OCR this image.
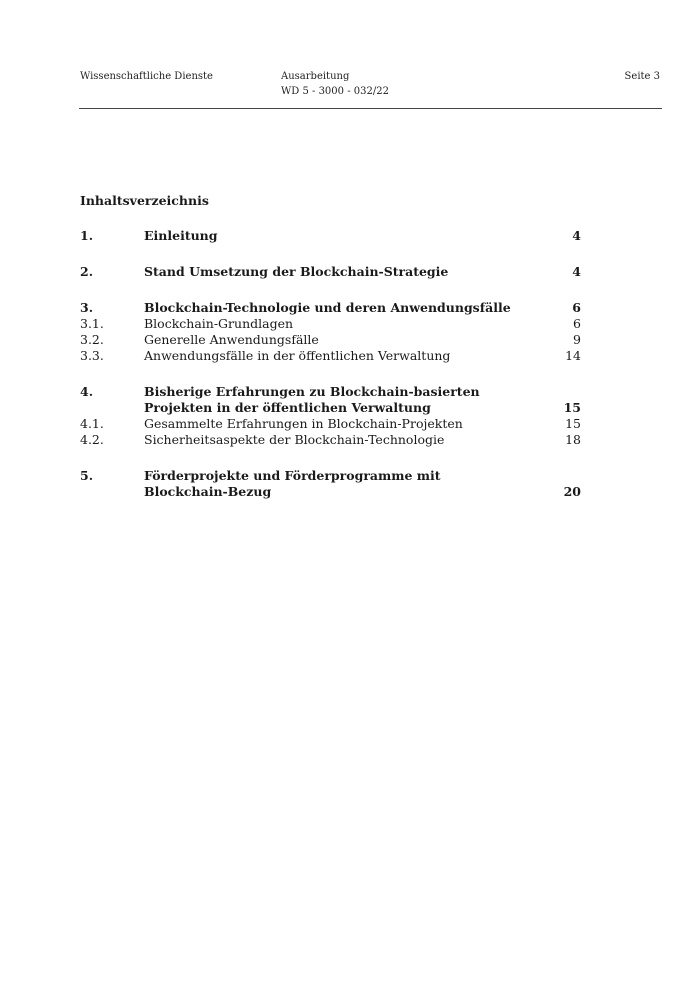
Wissenschaftliche Dienste	Ausarbeitung
WD 5 - 3000 - 032/22
Seite 3
Inhaltsverzeichnis
1.	Einleitung	4
2.	Stand Umsetzung der Blockchain-Strategie	4
3.	Blockchain-Technologie und deren Anwendungsfälle	6
3.1.	Blockchain-Grundlagen	6
3.2.	Generelle Anwendungsfälle	9
3.3.	Anwendungsfälle in der öffentlichen Verwaltung	14
4.	Bisherige Erfahrungen zu Blockchain-basierten Projekten in der öffentlichen Verwaltung	15
4.1.	Gesammelte Erfahrungen in Blockchain-Projekten	15
4.2.	Sicherheitsaspekte der Blockchain-Technologie	18
5.	Förderprojekte und Förderprogramme mit Blockchain-Bezug	20
